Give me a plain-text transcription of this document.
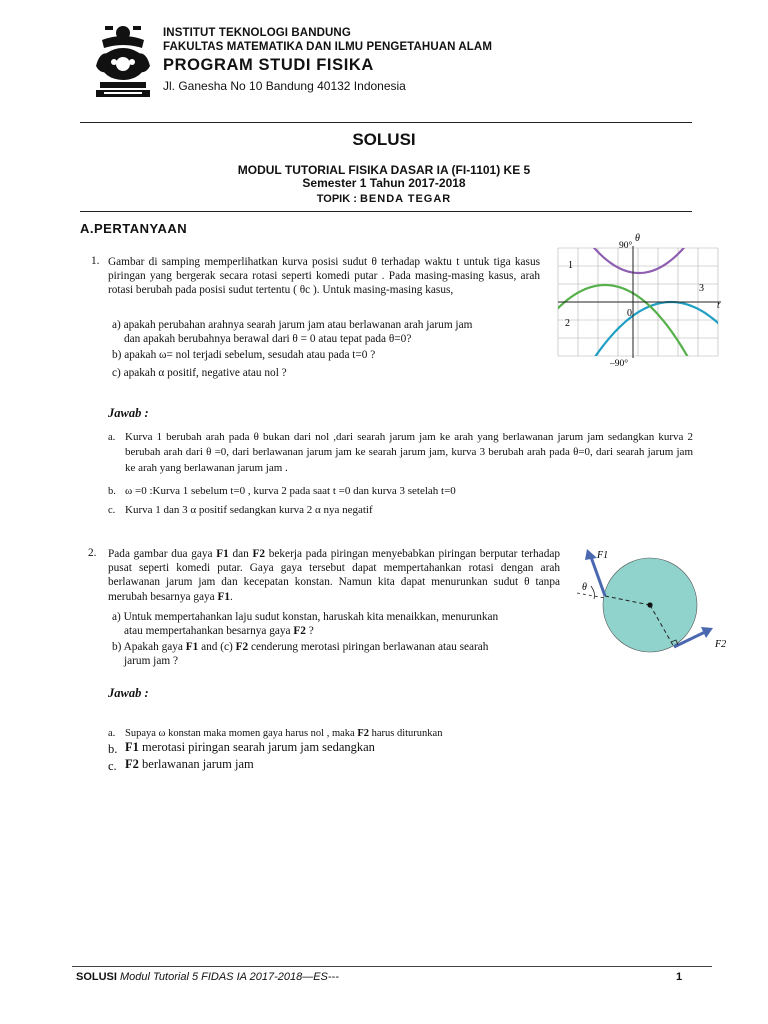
INSTITUT TEKNOLOGI BANDUNG
FAKULTAS MATEMATIKA DAN ILMU PENGETAHUAN ALAM
PROGRAM STUDI FISIKA
Jl. Ganesha No 10 Bandung 40132 Indonesia
SOLUSI
MODUL TUTORIAL FISIKA DASAR IA (FI-1101) KE 5
Semester 1 Tahun 2017-2018
TOPIK : BENDA TEGAR
A.PERTANYAAN
1. Gambar di samping memperlihatkan kurva posisi sudut θ terhadap waktu t untuk tiga kasus piringan yang bergerak secara rotasi seperti komedi putar . Pada masing-masing kasus, arah rotasi berubah pada posisi sudut tertentu ( θc ). Untuk masing-masing kasus,
a) apakah perubahan arahnya searah jarum jam atau berlawanan arah jarum jam
dan apakah berubahnya berawal dari θ = 0 atau tepat pada θ=0?
b) apakah ω= nol terjadi sebelum, sesudah atau pada t=0 ?
c) apakah α positif, negative atau nol ?
θ
90°
–90°
t
0
1
2
3
Jawab :
a. Kurva 1 berubah arah pada θ bukan dari nol ,dari searah jarum jam ke arah yang berlawanan jarum jam sedangkan kurva 2 berubah arah dari θ =0, dari berlawanan jarum jam ke searah jarum jam, kurva 3 berubah arah pada θ=0, dari searah jarum jam ke arah yang berlawanan jarum jam .
b. ω =0 :Kurva 1 sebelum t=0 , kurva 2 pada saat t =0 dan kurva 3 setelah t=0
c. Kurva 1 dan 3 α positif sedangkan kurva 2 α nya negatif
2. Pada gambar dua gaya F1 dan F2 bekerja pada piringan menyebabkan piringan berputar terhadap pusat seperti komedi putar. Gaya gaya tersebut dapat mempertahankan rotasi dengan arah berlawanan jarum jam dan kecepatan konstan. Namun kita dapat menurunkan sudut θ tanpa merubah besarnya gaya F1.
a) Untuk mempertahankan laju sudut konstan, haruskah kita menaikkan, menurunkan
atau mempertahankan besarnya gaya F2 ?
b) Apakah gaya F1 and (c) F2 cenderung merotasi piringan berlawanan atau searah
jarum jam ?
θ
F1
F2
Jawab :
a. Supaya ω konstan maka momen gaya harus nol , maka F2 harus diturunkan
b. F1 merotasi piringan searah jarum jam sedangkan
c. F2 berlawanan jarum jam
SOLUSI Modul Tutorial 5 FIDAS IA 2017-2018—ES---	1
